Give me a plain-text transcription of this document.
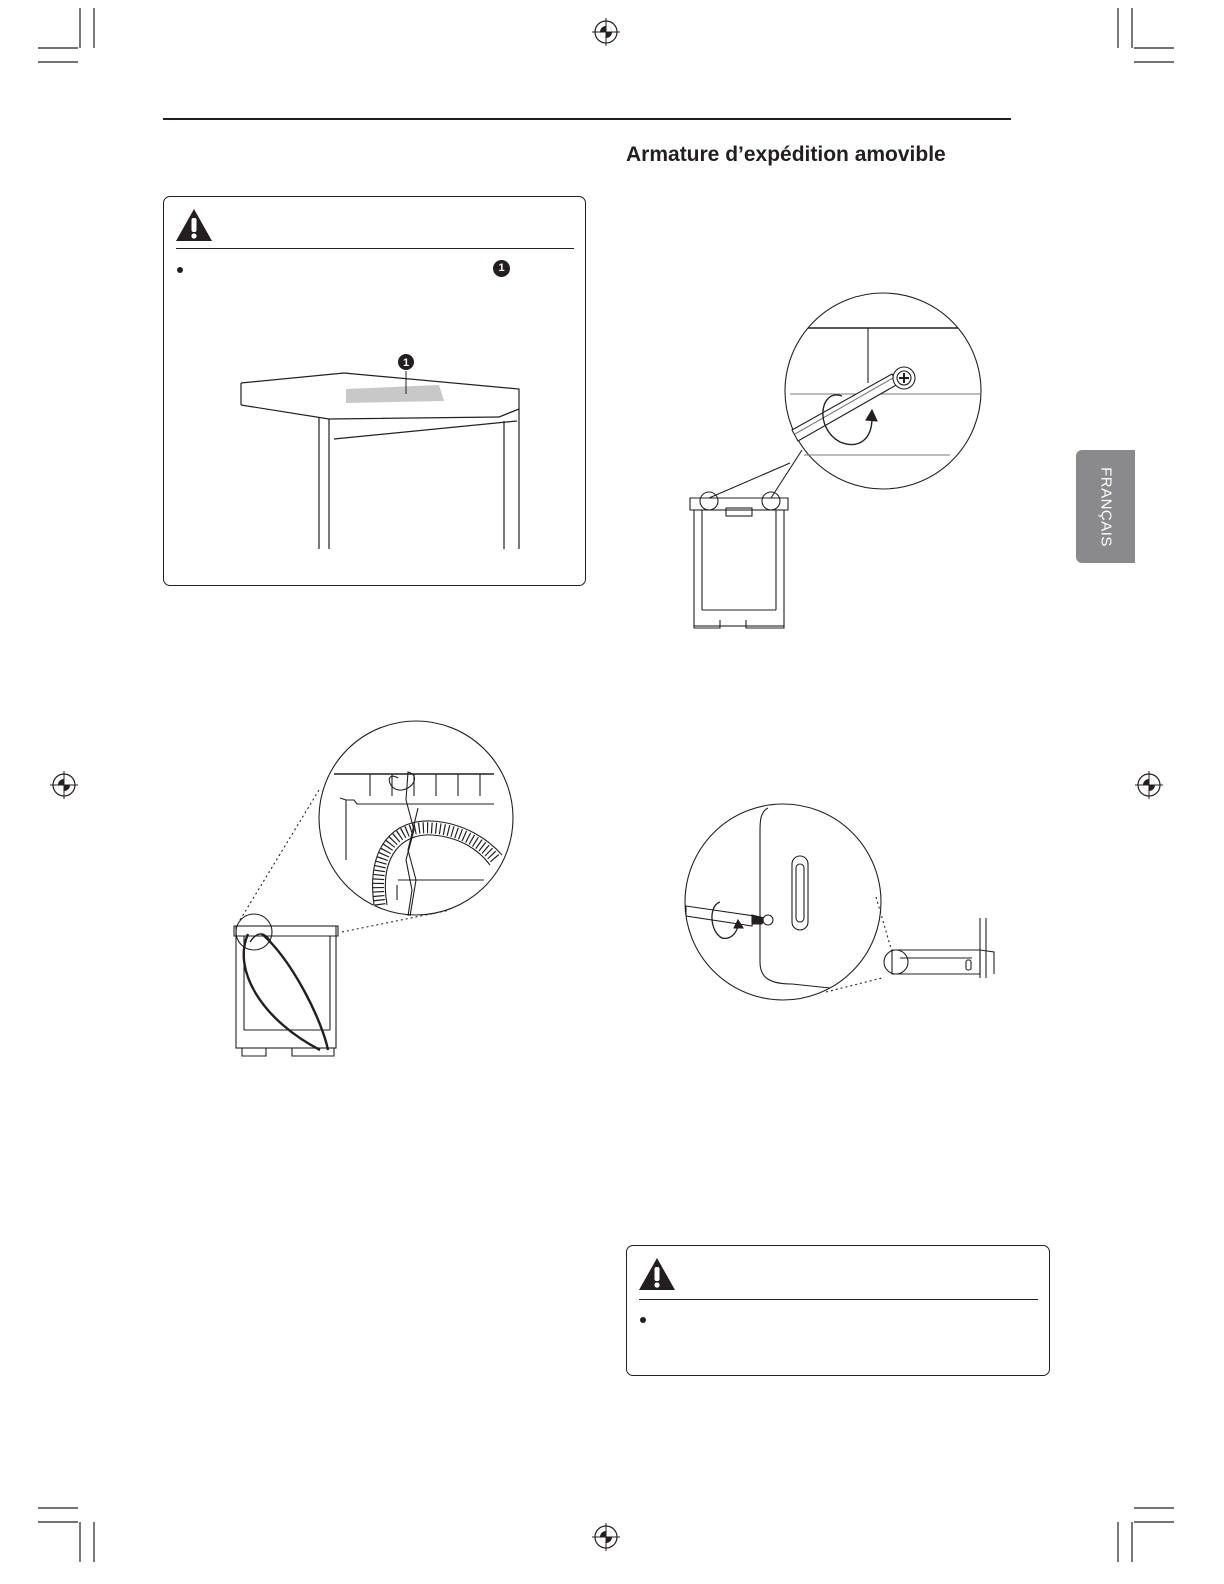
Armature d’expédition amovible
FRANÇAIS
1
1
